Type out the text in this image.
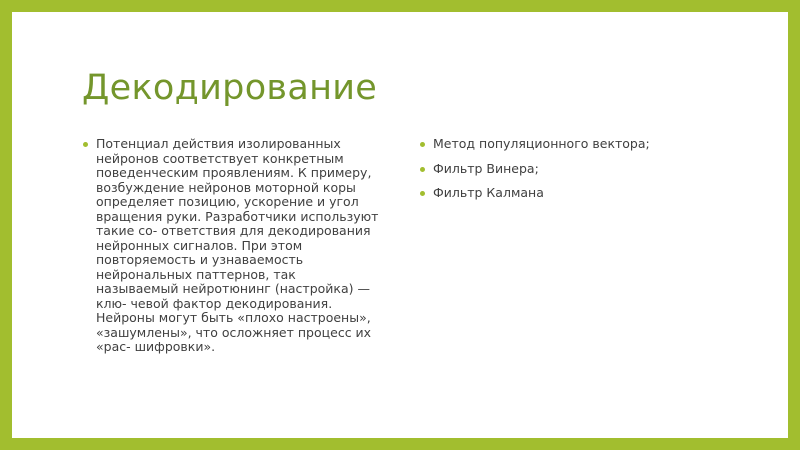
Декодирование
Потенциал действия изолированных нейронов соответствует конкретным поведенческим проявлениям. К примеру, возбуждение нейронов моторной коры определяет позицию, ускорение и угол вращения руки. Разработчики используют такие со- ответствия для декодирования нейронных сигналов. При этом повторяемость и узнаваемость нейрональных паттернов, так называемый нейротюнинг (настройка) — клю- чевой фактор декодирования. Нейроны могут быть «плохо настроены», «зашумлены», что осложняет процесс их «рас- шифровки».
Метод популяционного вектора;
Фильтр Винера;
Фильтр Калмана
